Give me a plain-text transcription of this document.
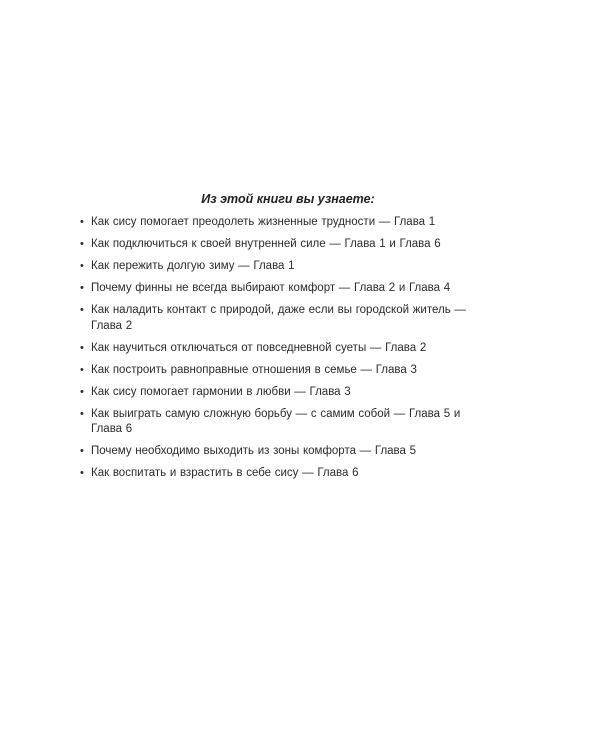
Из этой книги вы узнаете:
• Как сису помогает преодолеть жизненные трудности — Глава 1
• Как подключиться к своей внутренней силе — Глава 1 и Глава 6
• Как пережить долгую зиму — Глава 1
• Почему финны не всегда выбирают комфорт — Глава 2 и Глава 4
• Как наладить контакт с природой, даже если вы городской житель — Глава 2
• Как научиться отключаться от повседневной суеты — Глава 2
• Как построить равноправные отношения в семье — Глава 3
• Как сису помогает гармонии в любви — Глава 3
• Как выиграть самую сложную борьбу — с самим собой — Глава 5 и Глава 6
• Почему необходимо выходить из зоны комфорта — Глава 5
• Как воспитать и взрастить в себе сису — Глава 6
